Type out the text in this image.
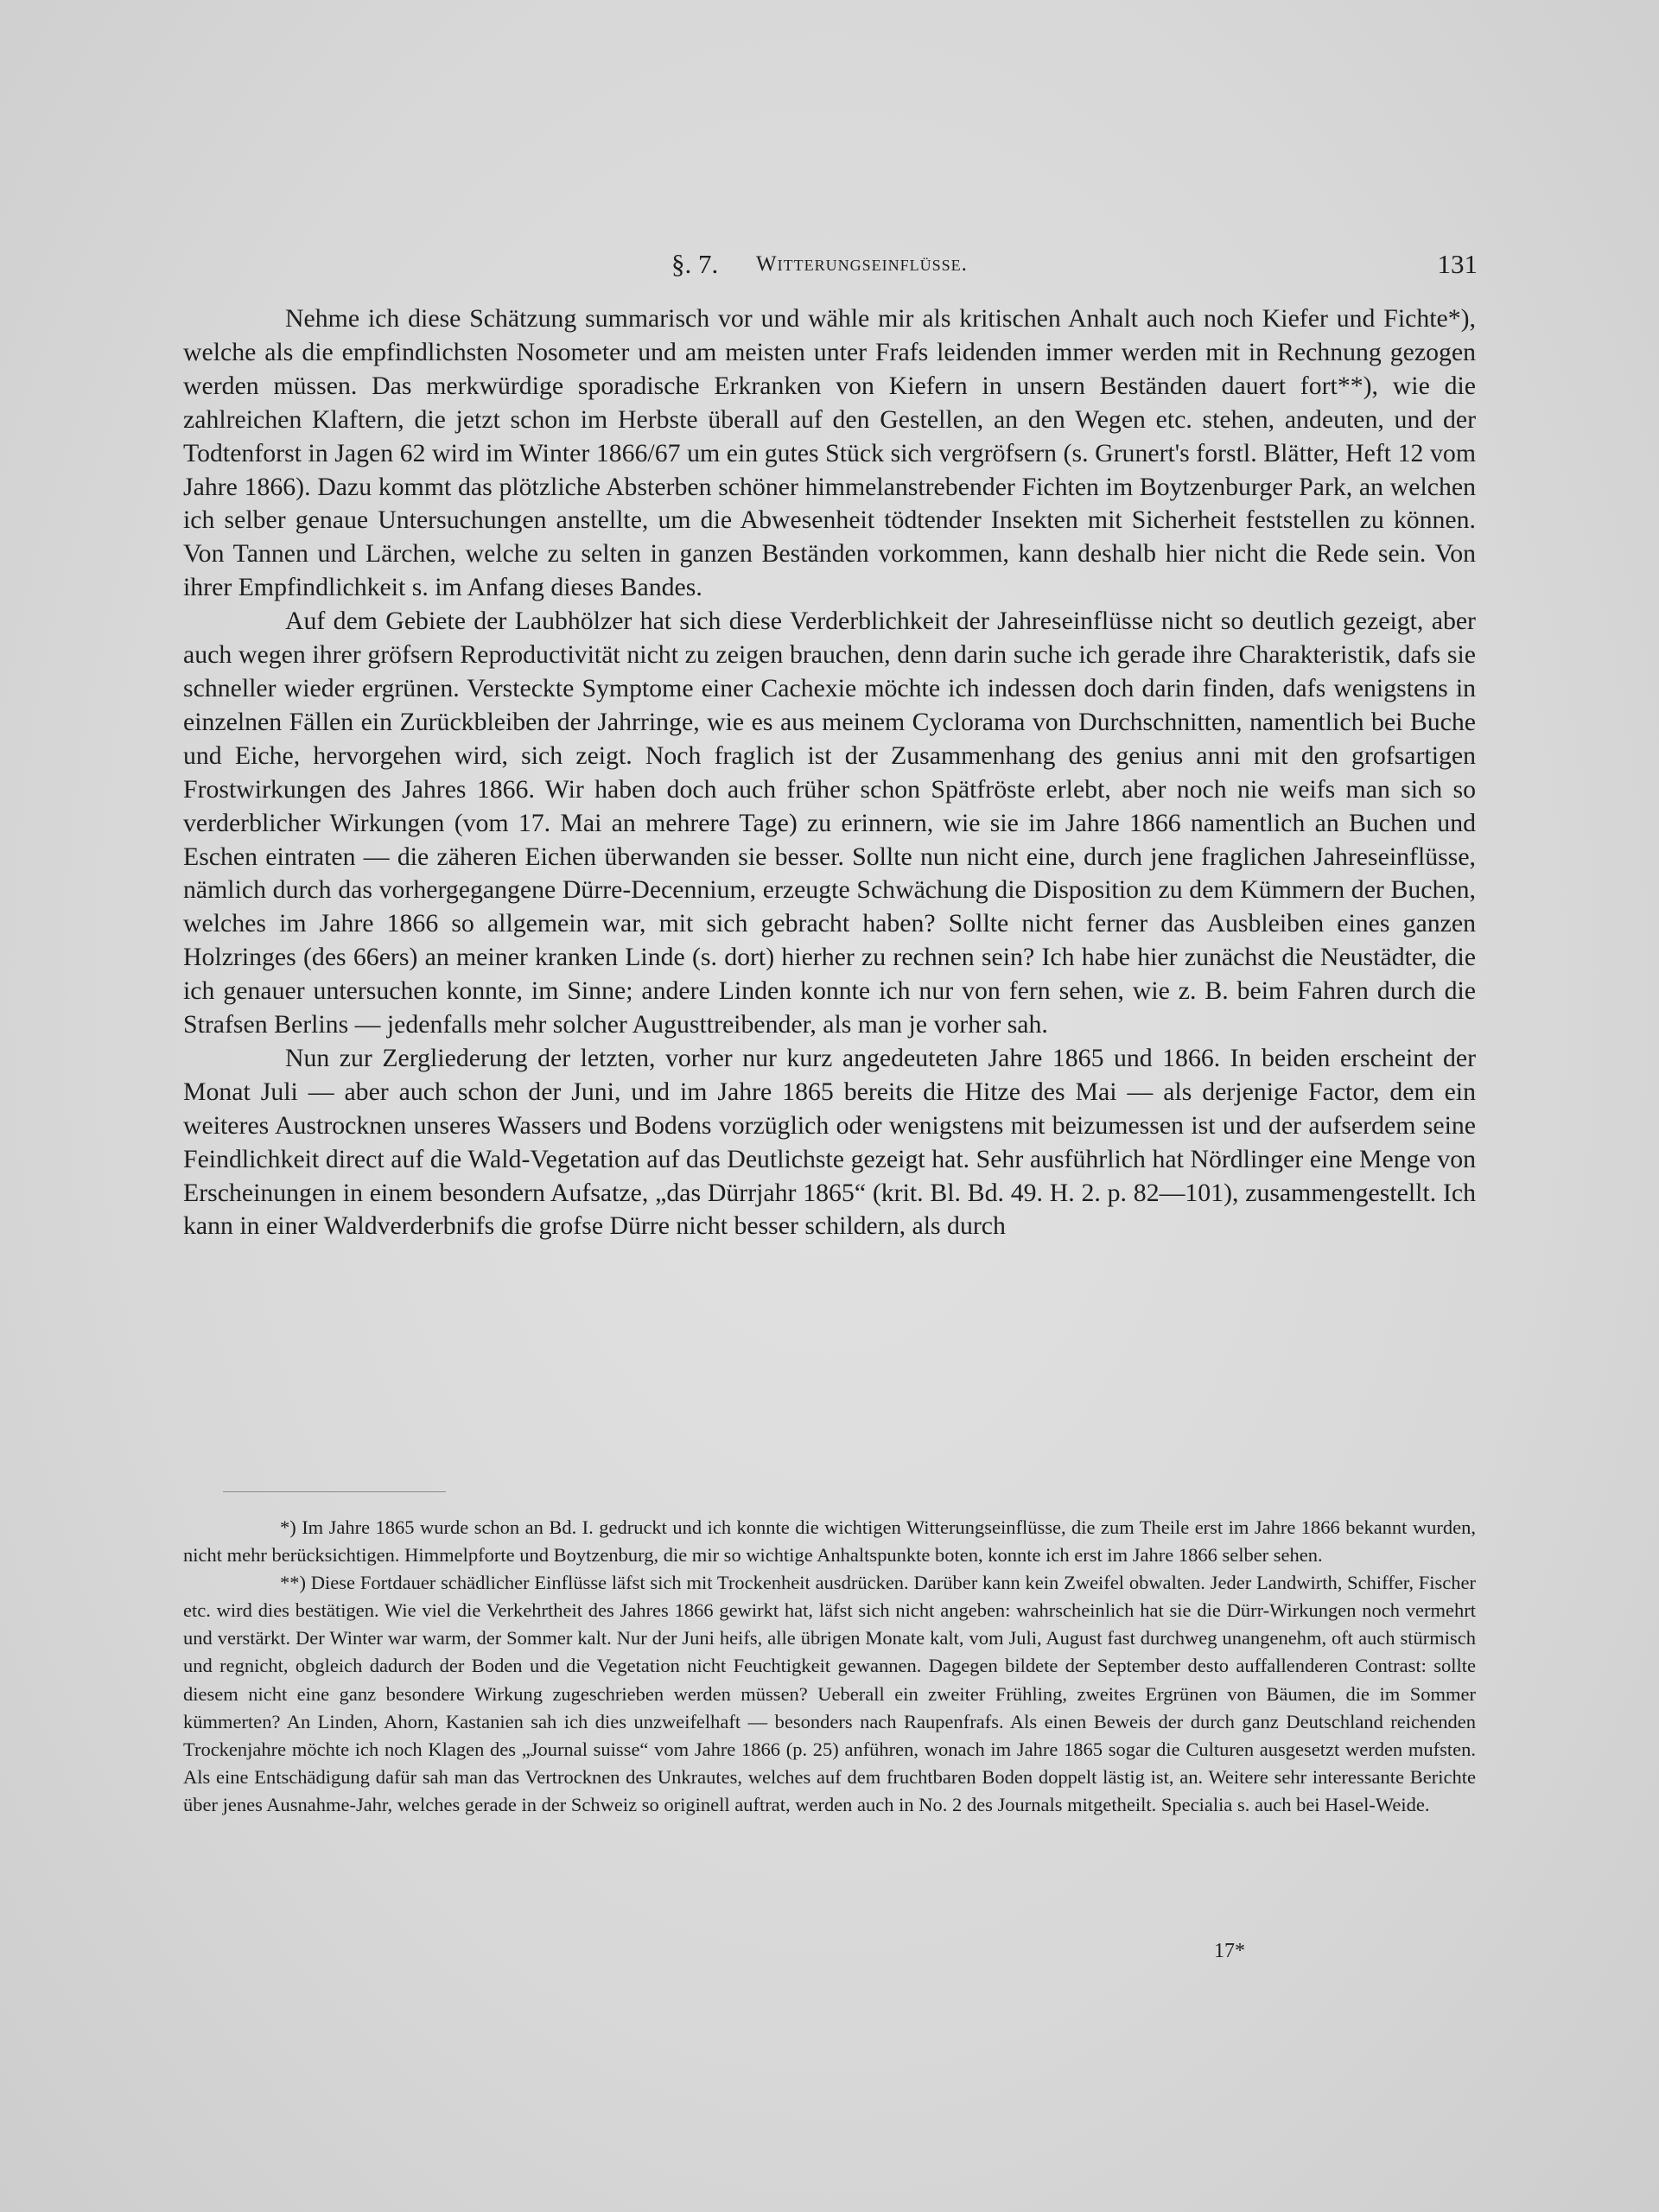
§. 7. Witterungseinflüsse.	131

Nehme ich diese Schätzung summarisch vor und wähle mir als kritischen Anhalt auch noch Kiefer und Fichte*), welche als die empfindlichsten Nosometer und am meisten unter Frafs leidenden immer werden mit in Rechnung gezogen werden müssen. Das merkwürdige sporadische Erkranken von Kiefern in unsern Beständen dauert fort**), wie die zahlreichen Klaftern, die jetzt schon im Herbste überall auf den Gestellen, an den Wegen etc. stehen, andeuten, und der Todtenforst in Jagen 62 wird im Winter 1866/67 um ein gutes Stück sich vergröfsern (s. Grunert's forstl. Blätter, Heft 12 vom Jahre 1866). Dazu kommt das plötzliche Absterben schöner himmelanstrebender Fichten im Boytzenburger Park, an welchen ich selber genaue Untersuchungen anstellte, um die Abwesenheit tödtender Insekten mit Sicherheit feststellen zu können. Von Tannen und Lärchen, welche zu selten in ganzen Beständen vorkommen, kann deshalb hier nicht die Rede sein. Von ihrer Empfindlichkeit s. im Anfang dieses Bandes.

Auf dem Gebiete der Laubhölzer hat sich diese Verderblichkeit der Jahreseinflüsse nicht so deutlich gezeigt, aber auch wegen ihrer gröfsern Reproductivität nicht zu zeigen brauchen, denn darin suche ich gerade ihre Charakteristik, dafs sie schneller wieder ergrünen. Versteckte Symptome einer Cachexie möchte ich indessen doch darin finden, dafs wenigstens in einzelnen Fällen ein Zurückbleiben der Jahrringe, wie es aus meinem Cyclorama von Durchschnitten, namentlich bei Buche und Eiche, hervorgehen wird, sich zeigt. Noch fraglich ist der Zusammenhang des genius anni mit den grofsartigen Frostwirkungen des Jahres 1866. Wir haben doch auch früher schon Spätfröste erlebt, aber noch nie weifs man sich so verderblicher Wirkungen (vom 17. Mai an mehrere Tage) zu erinnern, wie sie im Jahre 1866 namentlich an Buchen und Eschen eintraten — die zäheren Eichen überwanden sie besser. Sollte nun nicht eine, durch jene fraglichen Jahreseinflüsse, nämlich durch das vorhergegangene Dürre-Decennium, erzeugte Schwächung die Disposition zu dem Kümmern der Buchen, welches im Jahre 1866 so allgemein war, mit sich gebracht haben? Sollte nicht ferner das Ausbleiben eines ganzen Holzringes (des 66ers) an meiner kranken Linde (s. dort) hierher zu rechnen sein? Ich habe hier zunächst die Neustädter, die ich genauer untersuchen konnte, im Sinne; andere Linden konnte ich nur von fern sehen, wie z. B. beim Fahren durch die Strafsen Berlins — jedenfalls mehr solcher Augusttreibender, als man je vorher sah.

Nun zur Zergliederung der letzten, vorher nur kurz angedeuteten Jahre 1865 und 1866. In beiden erscheint der Monat Juli — aber auch schon der Juni, und im Jahre 1865 bereits die Hitze des Mai — als derjenige Factor, dem ein weiteres Austrocknen unseres Wassers und Bodens vorzüglich oder wenigstens mit beizumessen ist und der aufserdem seine Feindlichkeit direct auf die Wald-Vegetation auf das Deutlichste gezeigt hat. Sehr ausführlich hat Nördlinger eine Menge von Erscheinungen in einem besondern Aufsatze, „das Dürrjahr 1865“ (krit. Bl. Bd. 49. H. 2. p. 82—101), zusammengestellt. Ich kann in einer Waldverderbnifs die grofse Dürre nicht besser schildern, als durch

*) Im Jahre 1865 wurde schon an Bd. I. gedruckt und ich konnte die wichtigen Witterungseinflüsse, die zum Theile erst im Jahre 1866 bekannt wurden, nicht mehr berücksichtigen. Himmelpforte und Boytzenburg, die mir so wichtige Anhaltspunkte boten, konnte ich erst im Jahre 1866 selber sehen.

**) Diese Fortdauer schädlicher Einflüsse läfst sich mit Trockenheit ausdrücken. Darüber kann kein Zweifel obwalten. Jeder Landwirth, Schiffer, Fischer etc. wird dies bestätigen. Wie viel die Verkehrtheit des Jahres 1866 gewirkt hat, läfst sich nicht angeben: wahrscheinlich hat sie die Dürr-Wirkungen noch vermehrt und verstärkt. Der Winter war warm, der Sommer kalt. Nur der Juni heifs, alle übrigen Monate kalt, vom Juli, August fast durchweg unangenehm, oft auch stürmisch und regnicht, obgleich dadurch der Boden und die Vegetation nicht Feuchtigkeit gewannen. Dagegen bildete der September desto auffallenderen Contrast: sollte diesem nicht eine ganz besondere Wirkung zugeschrieben werden müssen? Ueberall ein zweiter Frühling, zweites Ergrünen von Bäumen, die im Sommer kümmerten? An Linden, Ahorn, Kastanien sah ich dies unzweifelhaft — besonders nach Raupenfrafs. Als einen Beweis der durch ganz Deutschland reichenden Trockenjahre möchte ich noch Klagen des „Journal suisse“ vom Jahre 1866 (p. 25) anführen, wonach im Jahre 1865 sogar die Culturen ausgesetzt werden mufsten. Als eine Entschädigung dafür sah man das Vertrocknen des Unkrautes, welches auf dem fruchtbaren Boden doppelt lästig ist, an. Weitere sehr interessante Berichte über jenes Ausnahme-Jahr, welches gerade in der Schweiz so originell auftrat, werden auch in No. 2 des Journals mitgetheilt. Specialia s. auch bei Hasel-Weide.

17*
